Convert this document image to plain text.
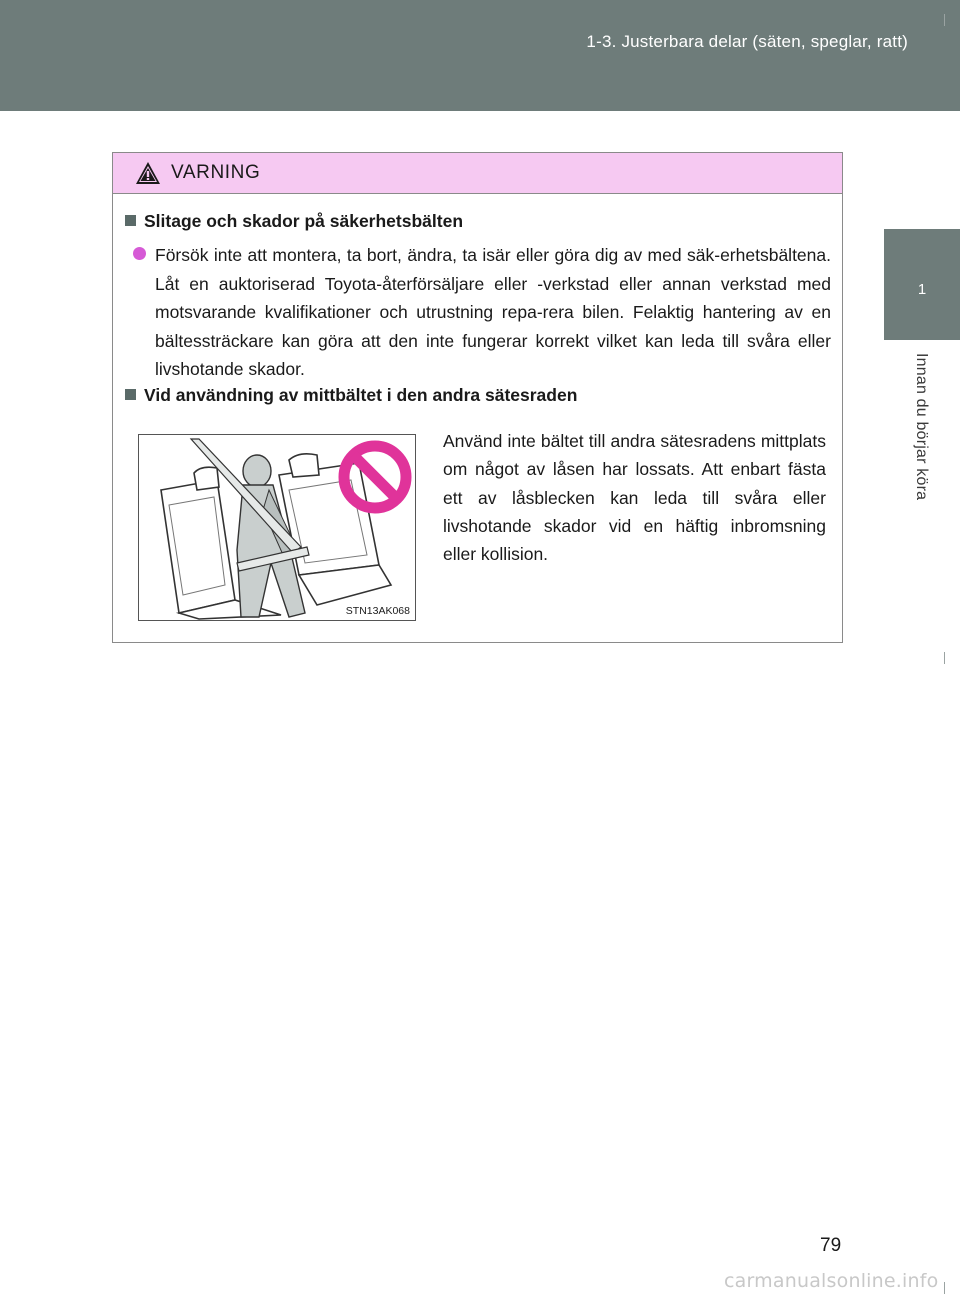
1-3. Justerbara delar (säten, speglar, ratt)
1
Innan du börjar köra
VARNING
Slitage och skador på säkerhetsbälten
Försök inte att montera, ta bort, ändra, ta isär eller göra dig av med säk-erhetsbältena. Låt en auktoriserad Toyota-återförsäljare eller -verkstad eller annan verkstad med motsvarande kvalifikationer och utrustning repa-rera bilen. Felaktig hantering av en bältessträckare kan göra att den inte fungerar korrekt vilket kan leda till svåra eller livshotande skador.
Vid användning av mittbältet i den andra sätesraden
STN13AK068
Använd inte bältet till andra sätesradens mittplats om något av låsen har lossats. Att enbart fästa ett av låsblecken kan leda till svåra eller livshotande skador vid en häftig inbromsning eller kollision.
79
carmanualsonline.info
